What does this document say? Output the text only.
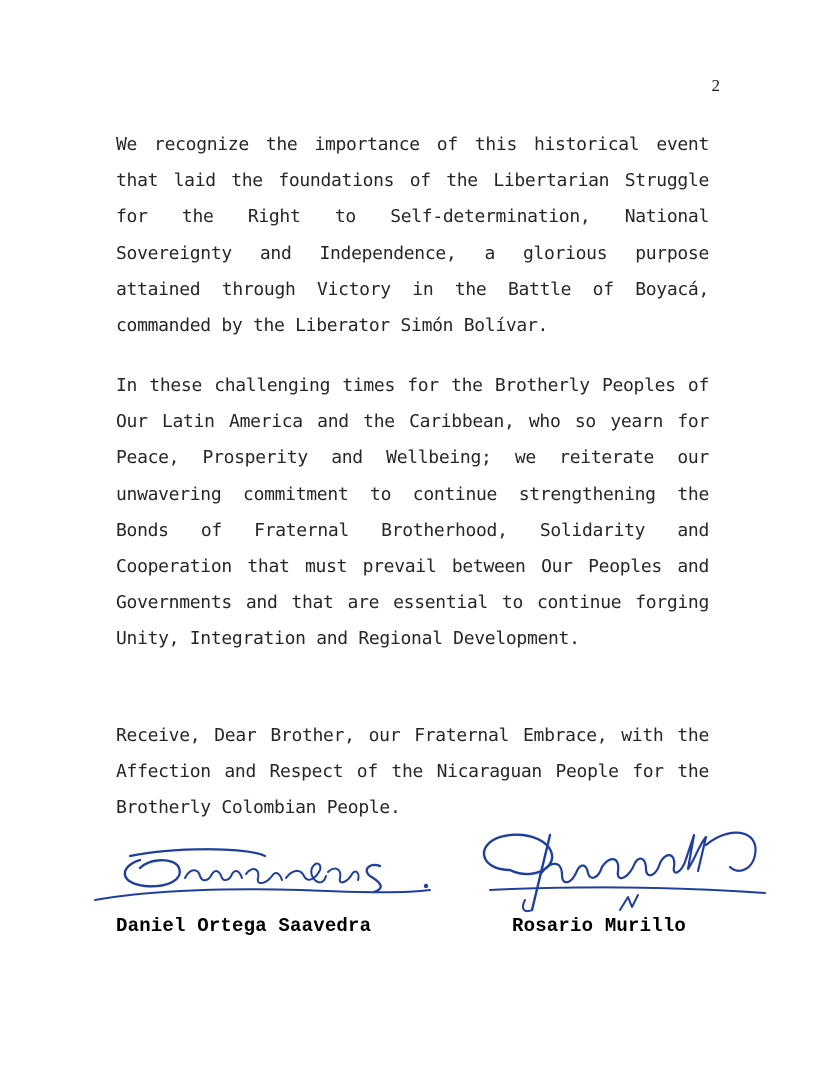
2

We recognize the importance of this historical event that laid the foundations of the Libertarian Struggle for the Right to Self-determination, National Sovereignty and Independence, a glorious purpose attained through Victory in the Battle of Boyacá, commanded by the Liberator Simón Bolívar.

In these challenging times for the Brotherly Peoples of Our Latin America and the Caribbean, who so yearn for Peace, Prosperity and Wellbeing; we reiterate our unwavering commitment to continue strengthening the Bonds of Fraternal Brotherhood, Solidarity and Cooperation that must prevail between Our Peoples and Governments and that are essential to continue forging Unity, Integration and Regional Development.

Receive, Dear Brother, our Fraternal Embrace, with the Affection and Respect of the Nicaraguan People for the Brotherly Colombian People.

Daniel Ortega Saavedra	Rosario Murillo
